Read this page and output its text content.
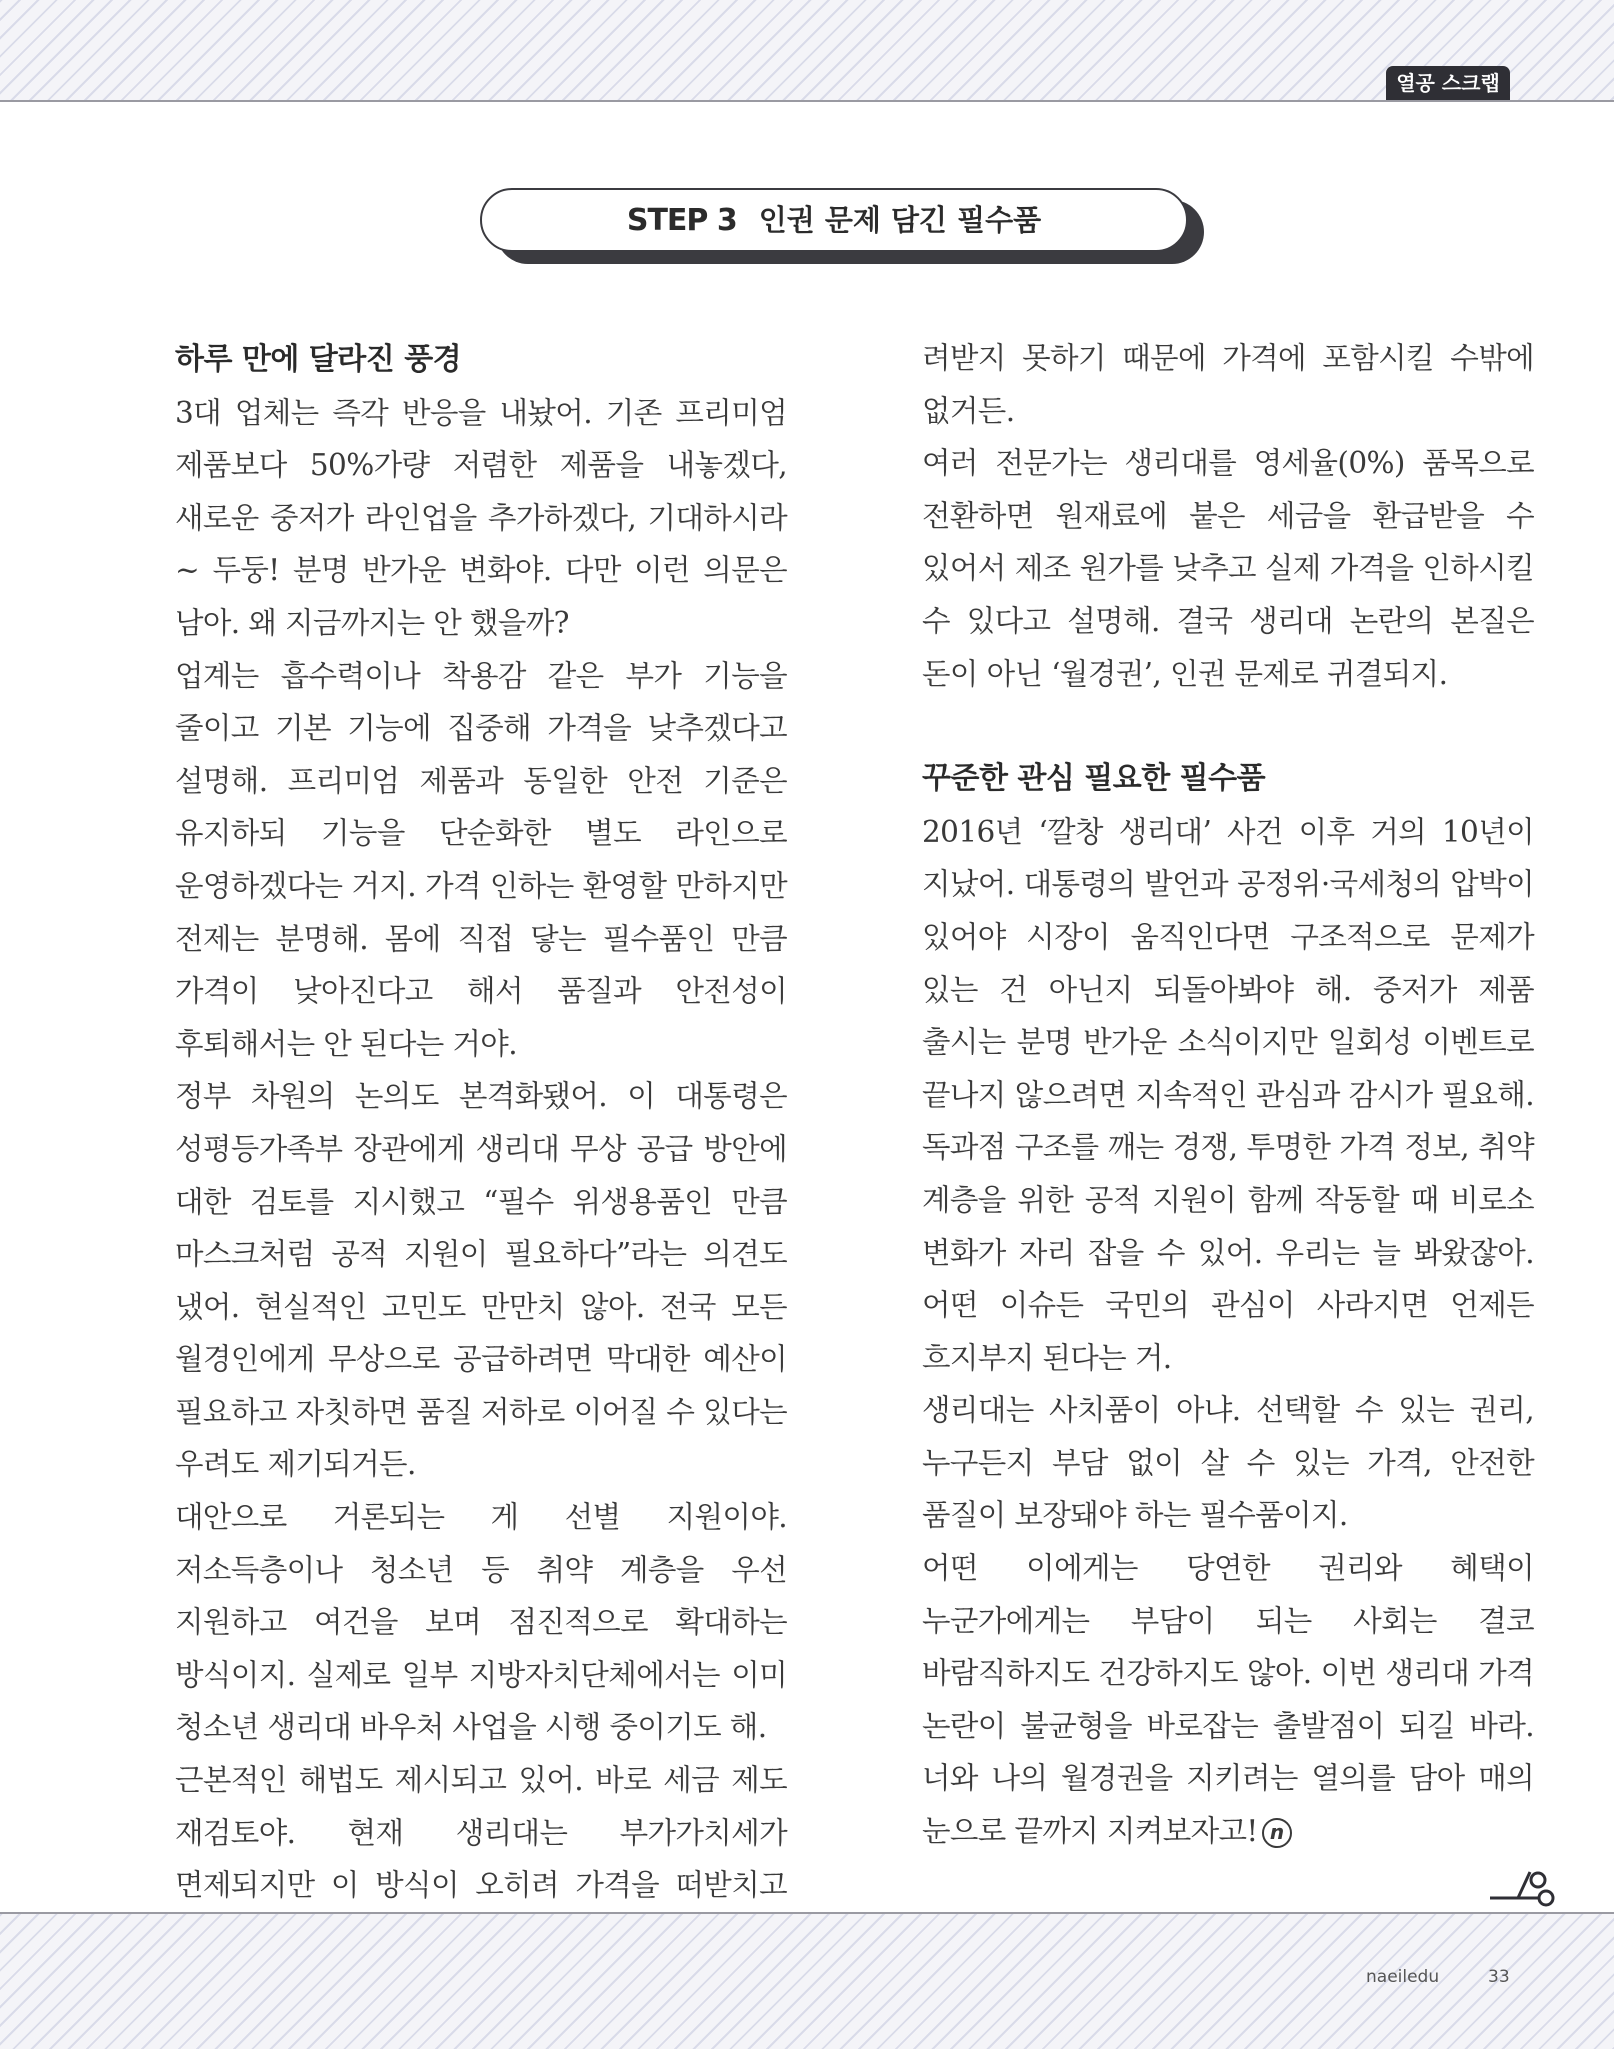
열공 스크랩
STEP 3 인권 문제 담긴 필수품
하루 만에 달라진 풍경

3대 업체는 즉각 반응을 내놨어. 기존 프리미엄 제품보다 50%가량 저렴한 제품을 내놓겠다, 새로운 중저가 라인업을 추가하겠다, 기대하시라~ 두둥! 분명 반가운 변화야. 다만 이런 의문은 남아. 왜 지금까지는 안 했을까?

업계는 흡수력이나 착용감 같은 부가 기능을 줄이고 기본 기능에 집중해 가격을 낮추겠다고 설명해. 프리미엄 제품과 동일한 안전 기준은 유지하되 기능을 단순화한 별도 라인으로 운영하겠다는 거지. 가격 인하는 환영할 만하지만 전제는 분명해. 몸에 직접 닿는 필수품인 만큼 가격이 낮아진다고 해서 품질과 안전성이 후퇴해서는 안 된다는 거야.

정부 차원의 논의도 본격화됐어. 이 대통령은 성평등가족부 장관에게 생리대 무상 공급 방안에 대한 검토를 지시했고 “필수 위생용품인 만큼 마스크처럼 공적 지원이 필요하다”라는 의견도 냈어. 현실적인 고민도 만만치 않아. 전국 모든 월경인에게 무상으로 공급하려면 막대한 예산이 필요하고 자칫하면 품질 저하로 이어질 수 있다는 우려도 제기되거든.

대안으로 거론되는 게 선별 지원이야. 저소득층이나 청소년 등 취약 계층을 우선 지원하고 여건을 보며 점진적으로 확대하는 방식이지. 실제로 일부 지방자치단체에서는 이미 청소년 생리대 바우처 사업을 시행 중이기도 해.

근본적인 해법도 제시되고 있어. 바로 세금 제도 재검토야. 현재 생리대는 부가가치세가 면제되지만 이 방식이 오히려 가격을 떠받치고

려받지 못하기 때문에 가격에 포함시킬 수밖에 없거든.

여러 전문가는 생리대를 영세율(0%) 품목으로 전환하면 원재료에 붙은 세금을 환급받을 수 있어서 제조 원가를 낮추고 실제 가격을 인하시킬 수 있다고 설명해. 결국 생리대 논란의 본질은 돈이 아닌 ‘월경권’, 인권 문제로 귀결되지.

꾸준한 관심 필요한 필수품

2016년 ‘깔창 생리대’ 사건 이후 거의 10년이 지났어. 대통령의 발언과 공정위·국세청의 압박이 있어야 시장이 움직인다면 구조적으로 문제가 있는 건 아닌지 되돌아봐야 해. 중저가 제품 출시는 분명 반가운 소식이지만 일회성 이벤트로 끝나지 않으려면 지속적인 관심과 감시가 필요해. 독과점 구조를 깨는 경쟁, 투명한 가격 정보, 취약 계층을 위한 공적 지원이 함께 작동할 때 비로소 변화가 자리 잡을 수 있어. 우리는 늘 봐왔잖아. 어떤 이슈든 국민의 관심이 사라지면 언제든 흐지부지 된다는 거.

생리대는 사치품이 아냐. 선택할 수 있는 권리, 누구든지 부담 없이 살 수 있는 가격, 안전한 품질이 보장돼야 하는 필수품이지.

어떤 이에게는 당연한 권리와 혜택이 누군가에게는 부담이 되는 사회는 결코 바람직하지도 건강하지도 않아. 이번 생리대 가격 논란이 불균형을 바로잡는 출발점이 되길 바라. 너와 나의 월경권을 지키려는 열의를 담아 매의 눈으로 끝까지 지켜보자고! n

naeiledu	33
